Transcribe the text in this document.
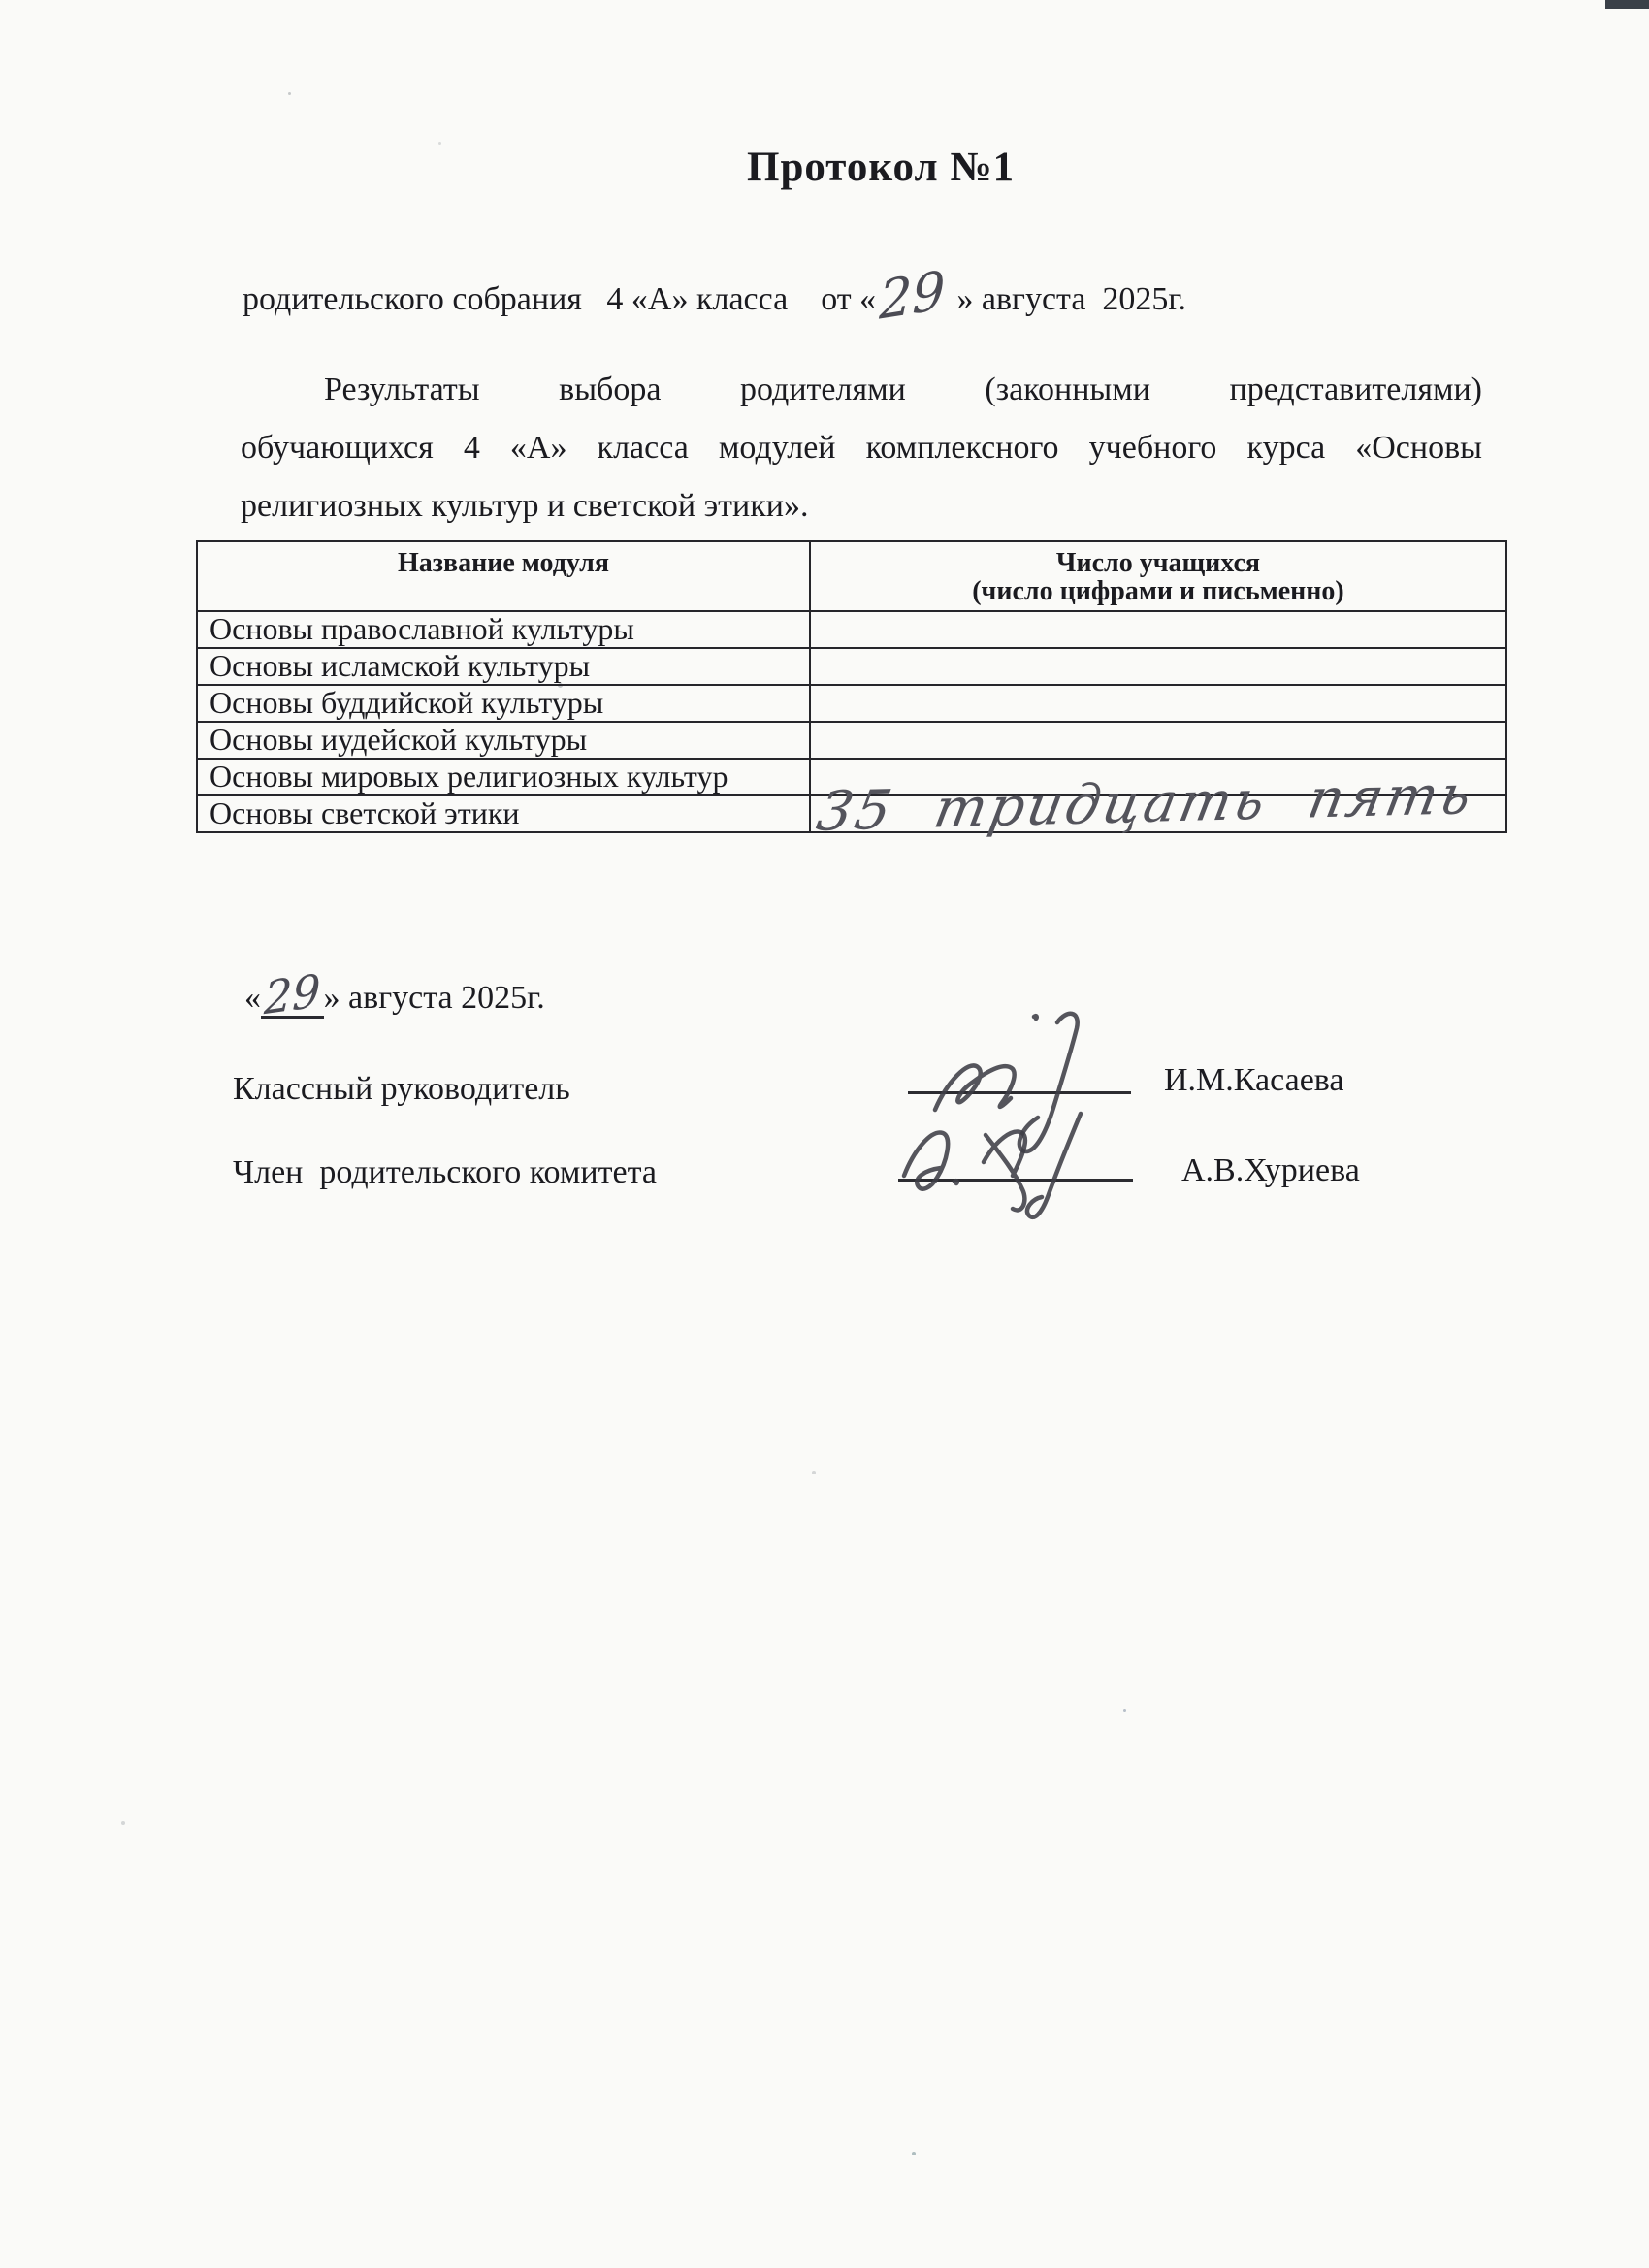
Протокол №1
родительского собрания   4 «А» класса    от «29 » августа  2025г.
Результаты выбора родителями (законными представителями)
обучающихся 4 «А» класса модулей комплексного учебного курса «Основы
религиозных культур и светской этики».
Название модуля	Число учащихся
(число цифрами и письменно)

Основы православной культуры	
Основы исламской культуры	
Основы буддийской культуры	
Основы иудейской культуры	
Основы мировых религиозных культур	
Основы светской этики		35 тридцать пять
«29» августа 2025г.
Классный руководитель	И.М.Касаева
Член  родительского комитета	А.В.Хуриева
